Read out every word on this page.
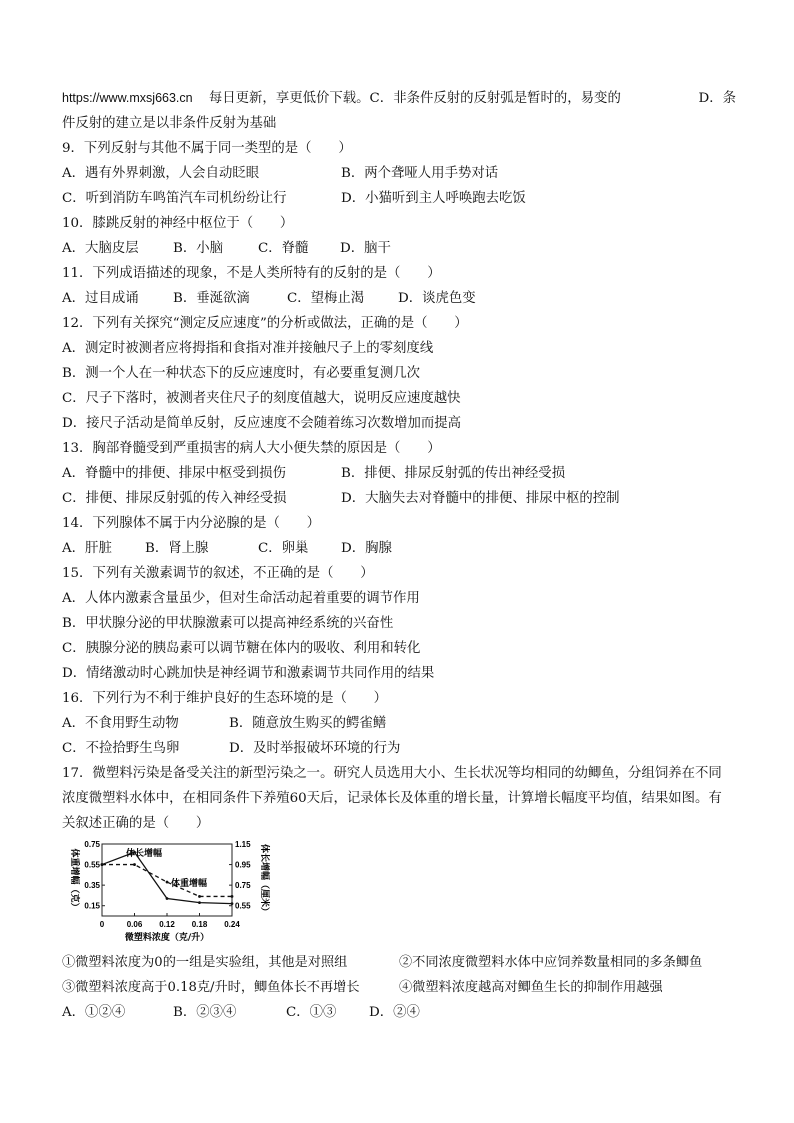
https://www.mxsj663.cn 每日更新，享更低价下载。C．非条件反射的反射弧是暂时的，易变的	D．条
件反射的建立是以非条件反射为基础
9．下列反射与其他不属于同一类型的是（　　）
A．遇有外界刺激，人会自动眨眼	B．两个聋哑人用手势对话
C．听到消防车鸣笛汽车司机纷纷让行	D．小猫听到主人呼唤跑去吃饭
10．膝跳反射的神经中枢位于（　　）
A．大脑皮层	B．小脑	C．脊髓 D．脑干
11．下列成语描述的现象，不是人类所特有的反射的是（　　）
A．过目成诵	B．垂涎欲滴	C．望梅止渴	D．谈虎色变
12．下列有关探究“测定反应速度”的分析或做法，正确的是（　　）
A．测定时被测者应将拇指和食指对准并接触尺子上的零刻度线
B．测一个人在一种状态下的反应速度时，有必要重复测几次
C．尺子下落时，被测者夹住尺子的刻度值越大，说明反应速度越快
D．接尺子活动是简单反射，反应速度不会随着练习次数增加而提高
13．胸部脊髓受到严重损害的病人大小便失禁的原因是（　　）
A．脊髓中的排便、排尿中枢受到损伤	B．排便、排尿反射弧的传出神经受损
C．排便、排尿反射弧的传入神经受损	D．大脑失去对脊髓中的排便、排尿中枢的控制
14．下列腺体不属于内分泌腺的是（　　）
A．肝脏 B．肾上腺	C．卵巢 D．胸腺
15．下列有关激素调节的叙述，不正确的是（　　）
A．人体内激素含量虽少，但对生命活动起着重要的调节作用
B．甲状腺分泌的甲状腺激素可以提高神经系统的兴奋性
C．胰腺分泌的胰岛素可以调节糖在体内的吸收、利用和转化
D．情绪激动时心跳加快是神经调节和激素调节共同作用的结果
16．下列行为不利于维护良好的生态环境的是（　　）
A．不食用野生动物	B．随意放生购买的鳄雀鳝
C．不捡拾野生鸟卵	D．及时举报破坏环境的行为
17．微塑料污染是备受关注的新型污染之一。研究人员选用大小、生长状况等均相同的幼鲫鱼，分组饲养在不同浓度微塑料水体中，在相同条件下养殖60天后，记录体长及体重的增长量，计算增长幅度平均值，结果如图。有关叙述正确的是（　　）
0	0.06 0.12 0.18 0.24
0.15
0.35
0.55
0.75
0.55
0.75
0.95
1.15
体重增幅（克）	体长增幅（厘米）
微塑料浓度（克/升）
体长增幅
体重增幅
①微塑料浓度为0的一组是实验组，其他是对照组	②不同浓度微塑料水体中应饲养数量相同的多条鲫鱼
③微塑料浓度高于0.18克/升时，鲫鱼体长不再增长	④微塑料浓度越高对鲫鱼生长的抑制作用越强
A．①②④	B．②③④	C．①③ D．②④
